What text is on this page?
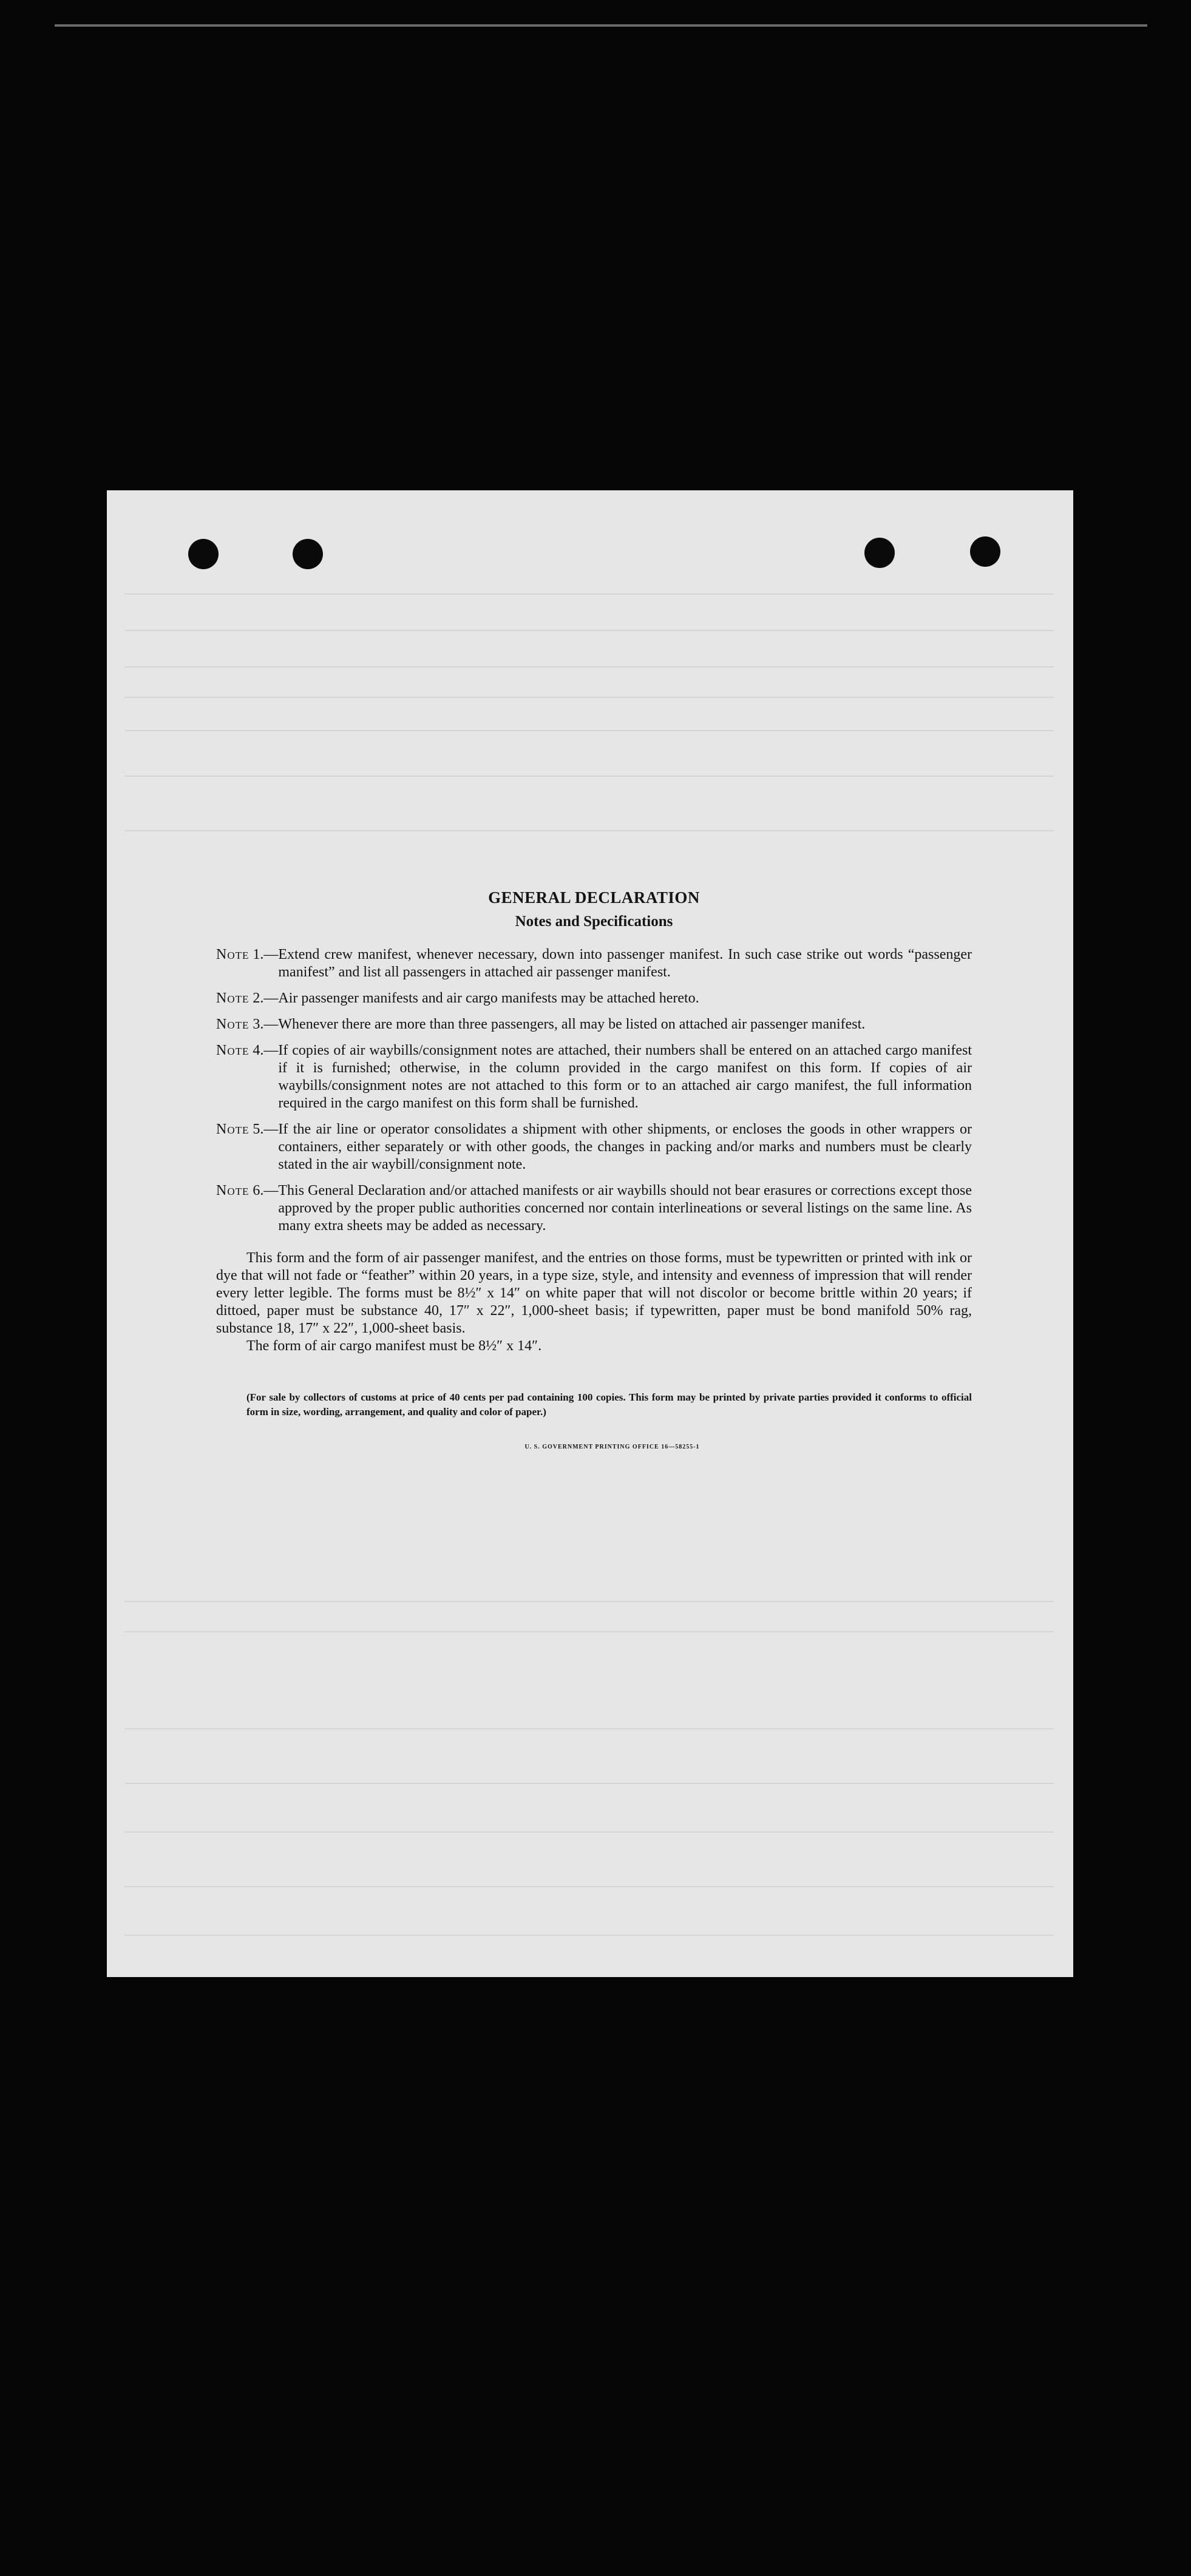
GENERAL DECLARATION
Notes and Specifications
Note 1.— Extend crew manifest, whenever necessary, down into passenger manifest. In such case strike out words “passenger manifest” and list all passengers in attached air passenger manifest.
Note 2.— Air passenger manifests and air cargo manifests may be attached hereto.
Note 3.— Whenever there are more than three passengers, all may be listed on attached air passenger manifest.
Note 4.— If copies of air waybills/consignment notes are attached, their numbers shall be entered on an attached cargo manifest if it is furnished; otherwise, in the column provided in the cargo manifest on this form. If copies of air waybills/consignment notes are not attached to this form or to an attached air cargo manifest, the full information required in the cargo manifest on this form shall be furnished.
Note 5.— If the air line or operator consolidates a shipment with other shipments, or encloses the goods in other wrappers or containers, either separately or with other goods, the changes in packing and/or marks and numbers must be clearly stated in the air waybill/consignment note.
Note 6.— This General Declaration and/or attached manifests or air waybills should not bear erasures or corrections except those approved by the proper public authorities concerned nor contain interlineations or several listings on the same line. As many extra sheets may be added as necessary.
This form and the form of air passenger manifest, and the entries on those forms, must be typewritten or printed with ink or dye that will not fade or “feather” within 20 years, in a type size, style, and intensity and evenness of impression that will render every letter legible. The forms must be 8½″ x 14″ on white paper that will not discolor or become brittle within 20 years; if dittoed, paper must be substance 40, 17″ x 22″, 1,000-sheet basis; if typewritten, paper must be bond manifold 50% rag, substance 18, 17″ x 22″, 1,000-sheet basis.
The form of air cargo manifest must be 8½″ x 14″.
(For sale by collectors of customs at price of 40 cents per pad containing 100 copies. This form may be printed by private parties provided it conforms to official form in size, wording, arrangement, and quality and color of paper.)
U. S. GOVERNMENT PRINTING OFFICE 16—58255-1
